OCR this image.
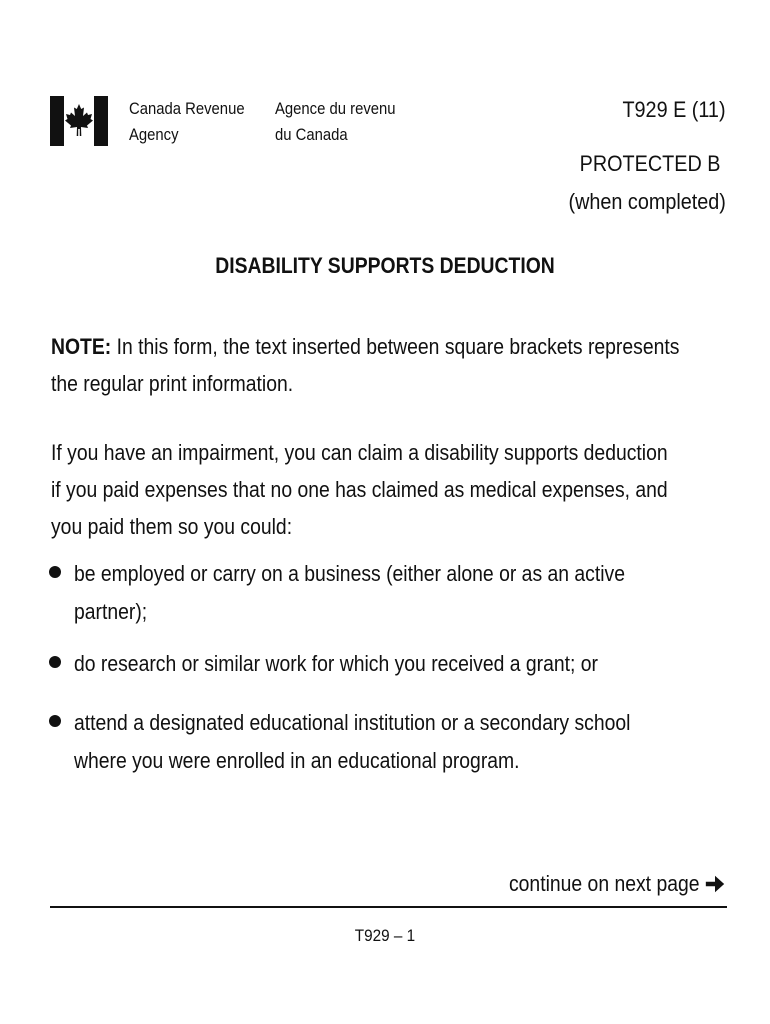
Canada Revenue
Agency
Agence du revenu
du Canada
T929 E (11)
PROTECTED B
(when completed)
DISABILITY SUPPORTS DEDUCTION
NOTE: In this form, the text inserted between square brackets represents
the regular print information.
If you have an impairment, you can claim a disability supports deduction
if you paid expenses that no one has claimed as medical expenses, and
you paid them so you could:
be employed or carry on a business (either alone or as an active
partner);
do research or similar work for which you received a grant; or
attend a designated educational institution or a secondary school
where you were enrolled in an educational program.
continue on next page
T929 – 1
